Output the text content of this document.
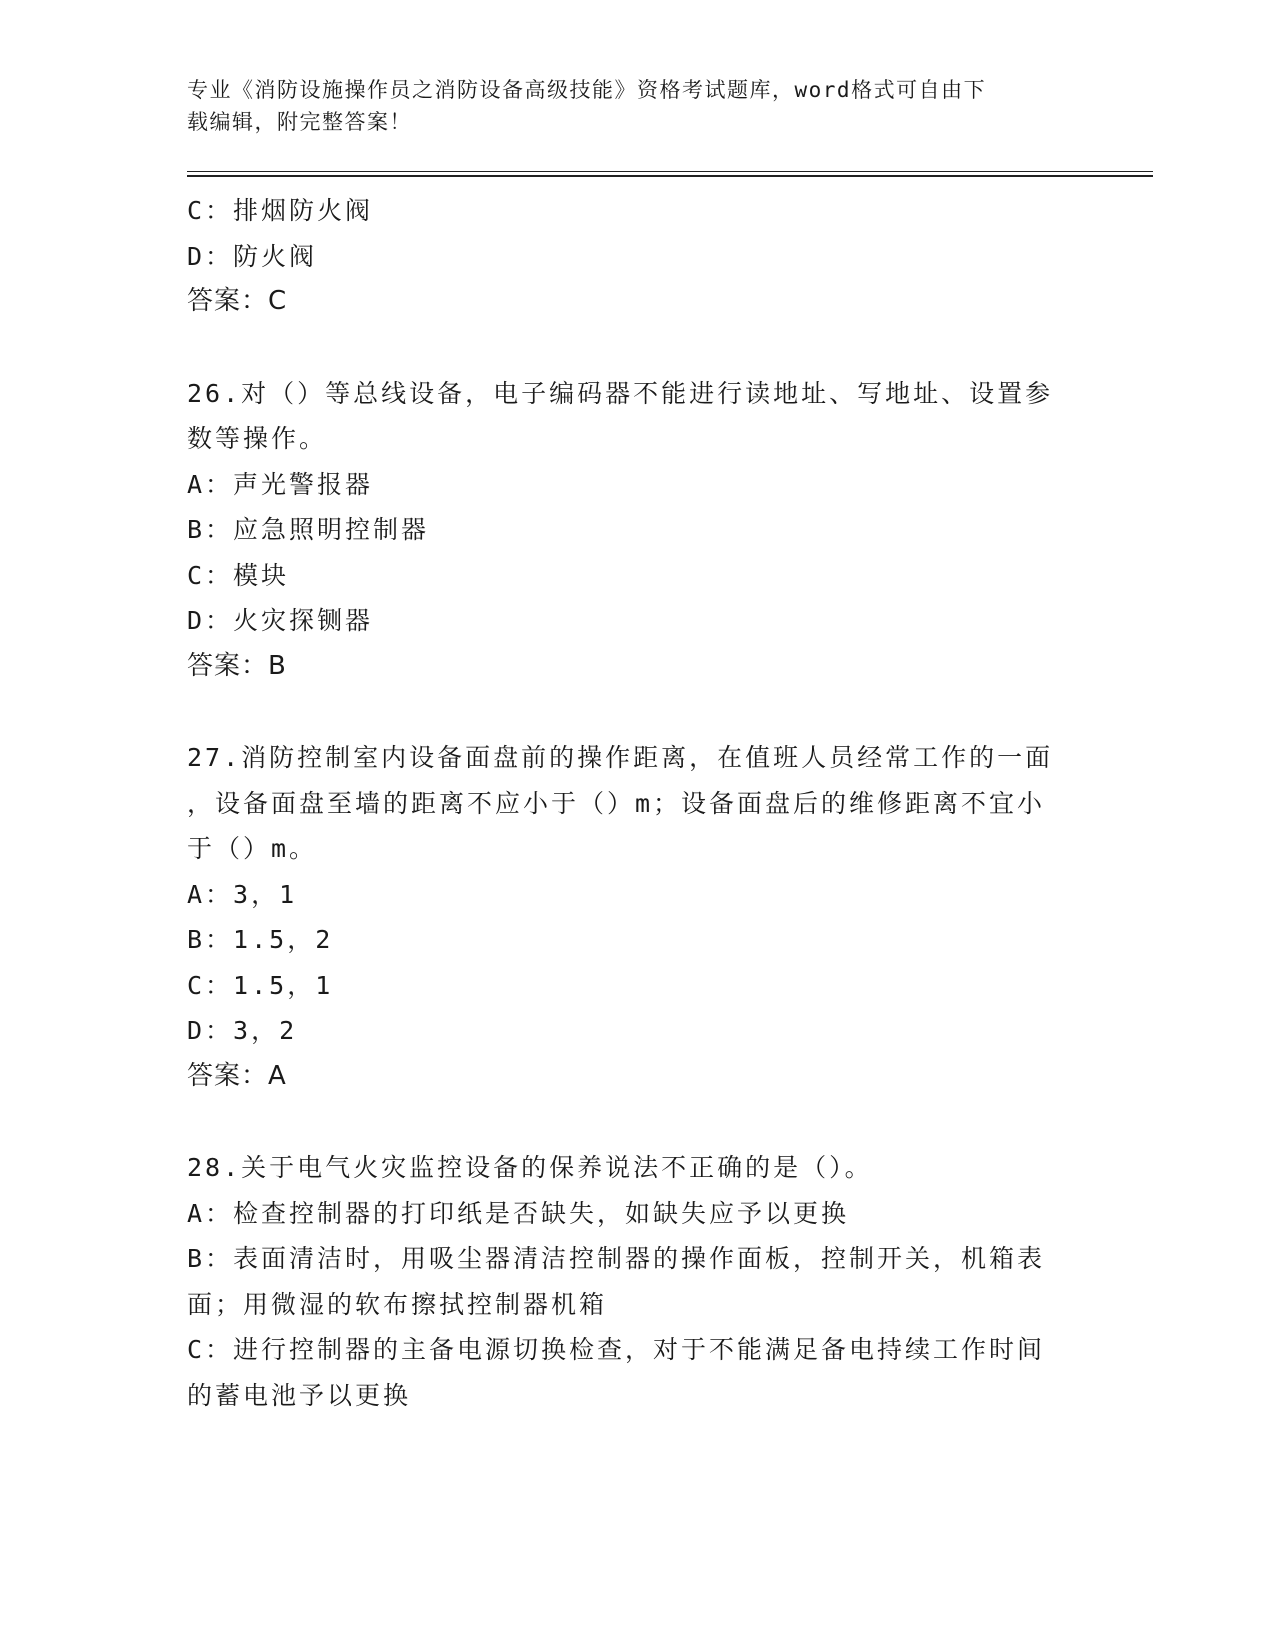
专业《消防设施操作员之消防设备高级技能》资格考试题库，word格式可自由下
载编辑，附完整答案！
C：排烟防火阀
D：防火阀
答案：C
26.对（）等总线设备，电子编码器不能进行读地址、写地址、设置参
数等操作。
A：声光警报器
B：应急照明控制器
C：模块
D：火灾探铡器
答案：B
27.消防控制室内设备面盘前的操作距离，在值班人员经常工作的一面
，设备面盘至墙的距离不应小于（）m；设备面盘后的维修距离不宜小
于（）m。
A：3，1
B：1.5，2
C：1.5，1
D：3，2
答案：A
28.关于电气火灾监控设备的保养说法不正确的是（）。
A：检查控制器的打印纸是否缺失，如缺失应予以更换
B：表面清洁时，用吸尘器清洁控制器的操作面板，控制开关，机箱表
面；用微湿的软布擦拭控制器机箱
C：进行控制器的主备电源切换检查，对于不能满足备电持续工作时间
的蓄电池予以更换
